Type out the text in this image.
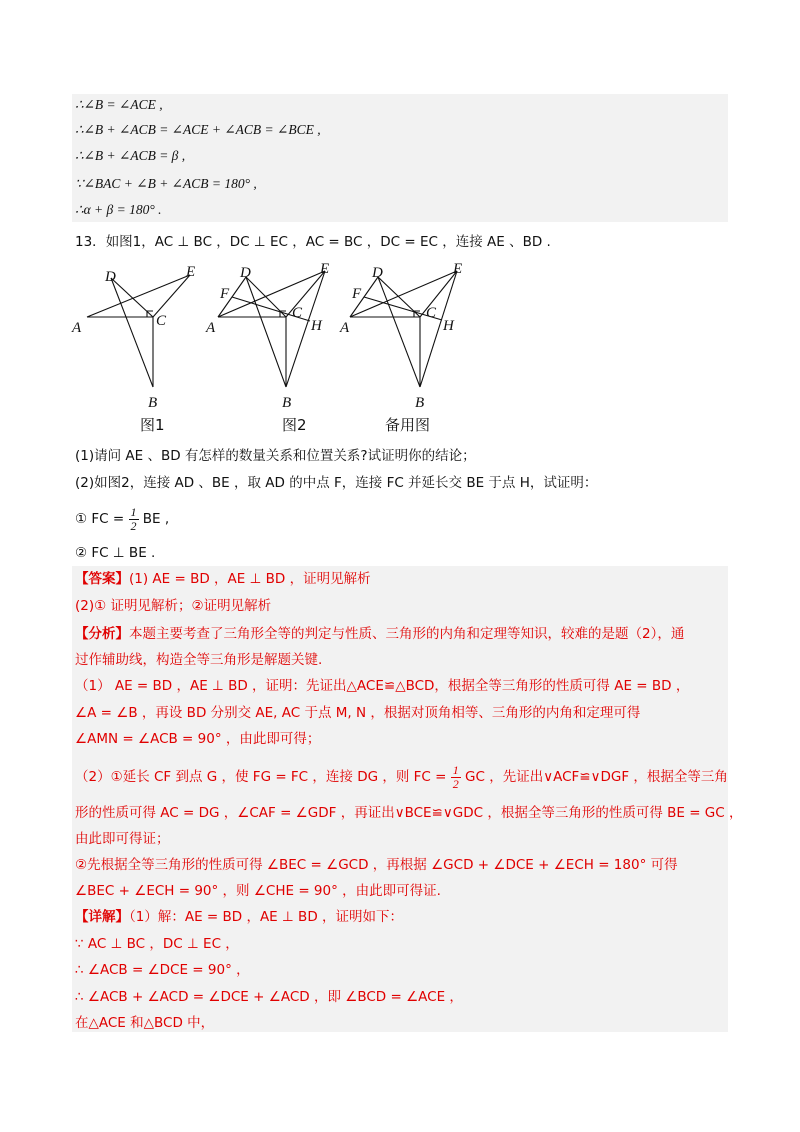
∴∠B = ∠ACE ,
∴∠B + ∠ACB = ∠ACE + ∠ACB = ∠BCE ,
∴∠B + ∠ACB = β ,
∵∠BAC + ∠B + ∠ACB = 180° ,
∴α + β = 180° .
13．如图1，AC ⊥ BC ，DC ⊥ EC ，AC = BC ，DC = EC ，连接 AE 、BD .
A
D	E
C
B
A
D	E
F
C
H
B
A
D	E
F
C
H
B
图1	图2	备用图
(1)请问 AE 、BD 有怎样的数量关系和位置关系?试证明你的结论；
(2)如图2，连接 AD 、BE ，取 AD 的中点 F，连接 FC 并延长交 BE 于点 H，试证明：
① FC = $\frac{1}{2}$ BE ,
② FC ⊥ BE .
【答案】(1) AE = BD ，AE ⊥ BD ，证明见解析
(2)① 证明见解析；②证明见解析
【分析】本题主要考查了三角形全等的判定与性质、三角形的内角和定理等知识，较难的是题（2），通
过作辅助线，构造全等三角形是解题关键.
（1） AE = BD ，AE ⊥ BD ，证明：先证出△ACE≌△BCD，根据全等三角形的性质可得 AE = BD ，
∠A = ∠B ，再设 BD 分别交 AE, AC 于点 M, N ，根据对顶角相等、三角形的内角和定理可得
∠AMN = ∠ACB = 90° ，由此即可得；
（2）①延长 CF 到点 G ，使 FG = FC ，连接 DG ，则 FC = $\frac{1}{2}$ GC ，先证出∨ACF≌∨DGF ，根据全等三角
形的性质可得 AC = DG ，∠CAF = ∠GDF ，再证出∨BCE≌∨GDC ，根据全等三角形的性质可得 BE = GC ，
由此即可得证；
②先根据全等三角形的性质可得 ∠BEC = ∠GCD ，再根据 ∠GCD + ∠DCE + ∠ECH = 180° 可得
∠BEC + ∠ECH = 90° ，则 ∠CHE = 90° ，由此即可得证.
【详解】（1）解：AE = BD ，AE ⊥ BD ，证明如下：
∵ AC ⊥ BC ，DC ⊥ EC ，
∴ ∠ACB = ∠DCE = 90° ，
∴ ∠ACB + ∠ACD = ∠DCE + ∠ACD ，即 ∠BCD = ∠ACE ，
在△ACE 和△BCD 中，
